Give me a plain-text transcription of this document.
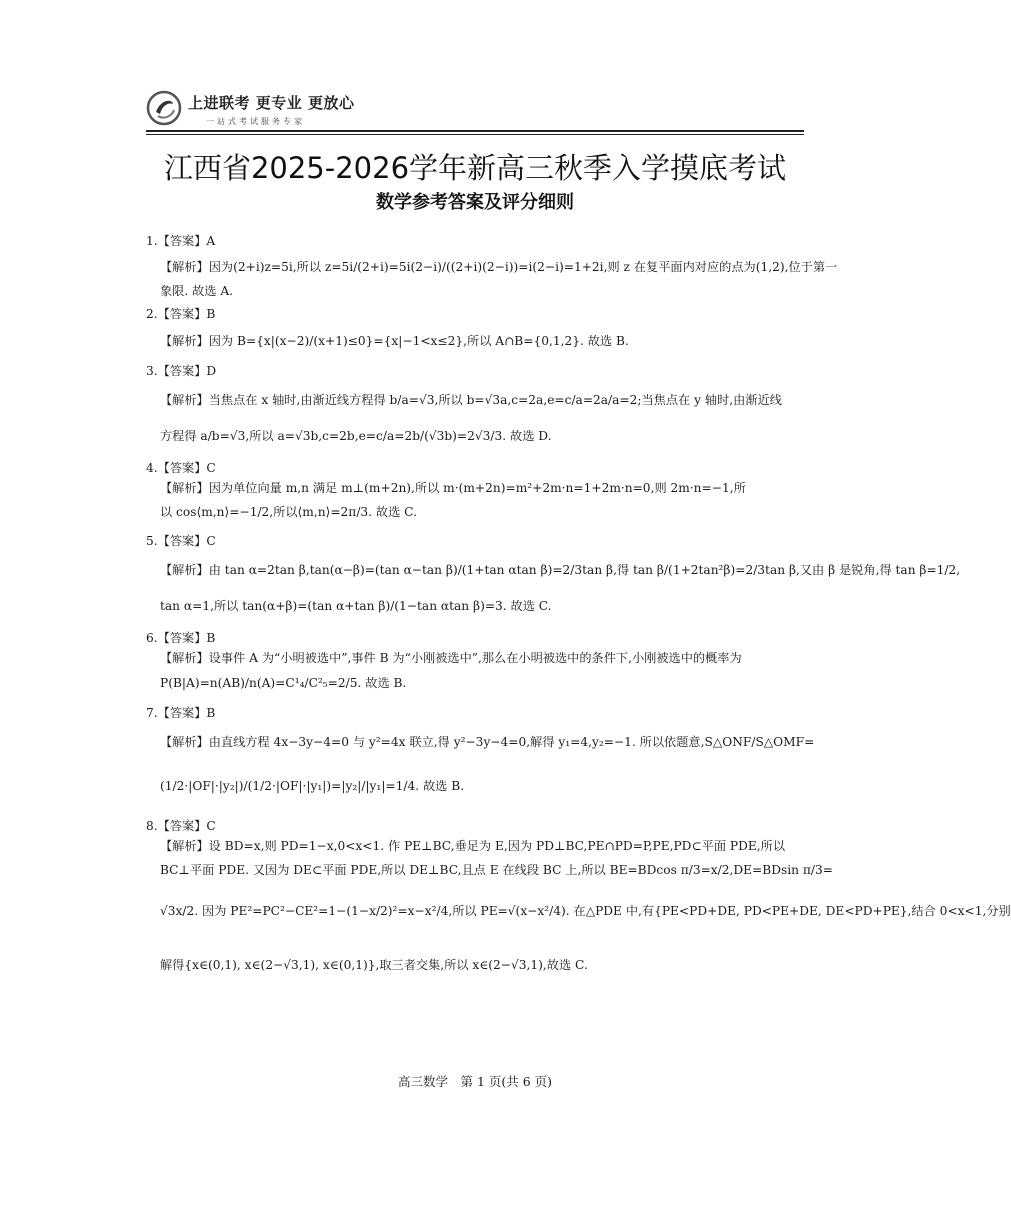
上进联考 更专业 更放心
一站式考试服务专家
江西省2025-2026学年新高三秋季入学摸底考试
数学参考答案及评分细则
1.【答案】A
【解析】因为(2+i)z=5i,所以 z=5i/(2+i)=5i(2−i)/((2+i)(2−i))=i(2−i)=1+2i,则 z 在复平面内对应的点为(1,2),位于第一
象限. 故选 A.
2.【答案】B
【解析】因为 B={x|(x−2)/(x+1)≤0}={x|−1<x≤2},所以 A∩B={0,1,2}. 故选 B.
3.【答案】D
【解析】当焦点在 x 轴时,由渐近线方程得 b/a=√3,所以 b=√3a,c=2a,e=c/a=2a/a=2;当焦点在 y 轴时,由渐近线
方程得 a/b=√3,所以 a=√3b,c=2b,e=c/a=2b/(√3b)=2√3/3. 故选 D.
4.【答案】C
【解析】因为单位向量 m,n 满足 m⊥(m+2n),所以 m·(m+2n)=m²+2m·n=1+2m·n=0,则 2m·n=−1,所
以 cos⟨m,n⟩=−1/2,所以⟨m,n⟩=2π/3. 故选 C.
5.【答案】C
【解析】由 tan α=2tan β,tan(α−β)=(tan α−tan β)/(1+tan αtan β)=2/3tan β,得 tan β/(1+2tan²β)=2/3tan β,又由 β 是锐角,得 tan β=1/2,
tan α=1,所以 tan(α+β)=(tan α+tan β)/(1−tan αtan β)=3. 故选 C.
6.【答案】B
【解析】设事件 A 为“小明被选中”,事件 B 为“小刚被选中”,那么在小明被选中的条件下,小刚被选中的概率为
P(B|A)=n(AB)/n(A)=C¹₄/C²₅=2/5. 故选 B.
7.【答案】B
【解析】由直线方程 4x−3y−4=0 与 y²=4x 联立,得 y²−3y−4=0,解得 y₁=4,y₂=−1. 所以依题意,S△ONF/S△OMF=
(1/2·|OF|·|y₂|)/(1/2·|OF|·|y₁|)=|y₂|/|y₁|=1/4. 故选 B.
8.【答案】C
【解析】设 BD=x,则 PD=1−x,0<x<1. 作 PE⊥BC,垂足为 E,因为 PD⊥BC,PE∩PD=P,PE,PD⊂平面 PDE,所以
BC⊥平面 PDE. 又因为 DE⊂平面 PDE,所以 DE⊥BC,且点 E 在线段 BC 上,所以 BE=BDcos π/3=x/2,DE=BDsin π/3=
√3x/2. 因为 PE²=PC²−CE²=1−(1−x/2)²=x−x²/4,所以 PE=√(x−x²/4). 在△PDE 中,有{PE<PD+DE, PD<PE+DE, DE<PD+PE},结合 0<x<1,分别
解得{x∈(0,1), x∈(2−√3,1), x∈(0,1)},取三者交集,所以 x∈(2−√3,1),故选 C.
高三数学　第 1 页(共 6 页)
